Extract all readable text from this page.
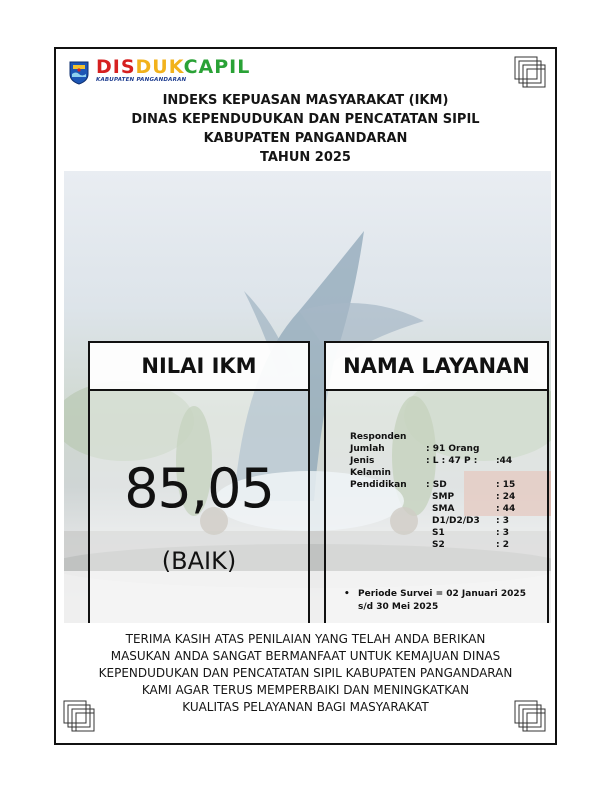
DISDUKCAPIL
KABUPATEN PANGANDARAN
INDEKS KEPUASAN MASYARAKAT (IKM)
DINAS KEPENDUDUKAN DAN PENCATATAN SIPIL
KABUPATEN PANGANDARAN
TAHUN 2025
NILAI IKM
85,05
(BAIK)
NAMA LAYANAN
Responden
Jumlah	: 91 Orang
Jenis	: L : 47 P : :44
Kelamin
Pendidikan : SD	: 15
SMP	: 24
SMA	: 44
D1/D2/D3 : 3
S1	: 3
S2	: 2
• Periode Survei = 02 Januari 2025
s/d 30 Mei 2025
TERIMA KASIH ATAS PENILAIAN YANG TELAH ANDA BERIKAN
MASUKAN ANDA SANGAT BERMANFAAT UNTUK KEMAJUAN DINAS
KEPENDUDUKAN DAN PENCATATAN SIPIL KABUPATEN PANGANDARAN
KAMI AGAR TERUS MEMPERBAIKI DAN MENINGKATKAN
KUALITAS PELAYANAN BAGI MASYARAKAT
